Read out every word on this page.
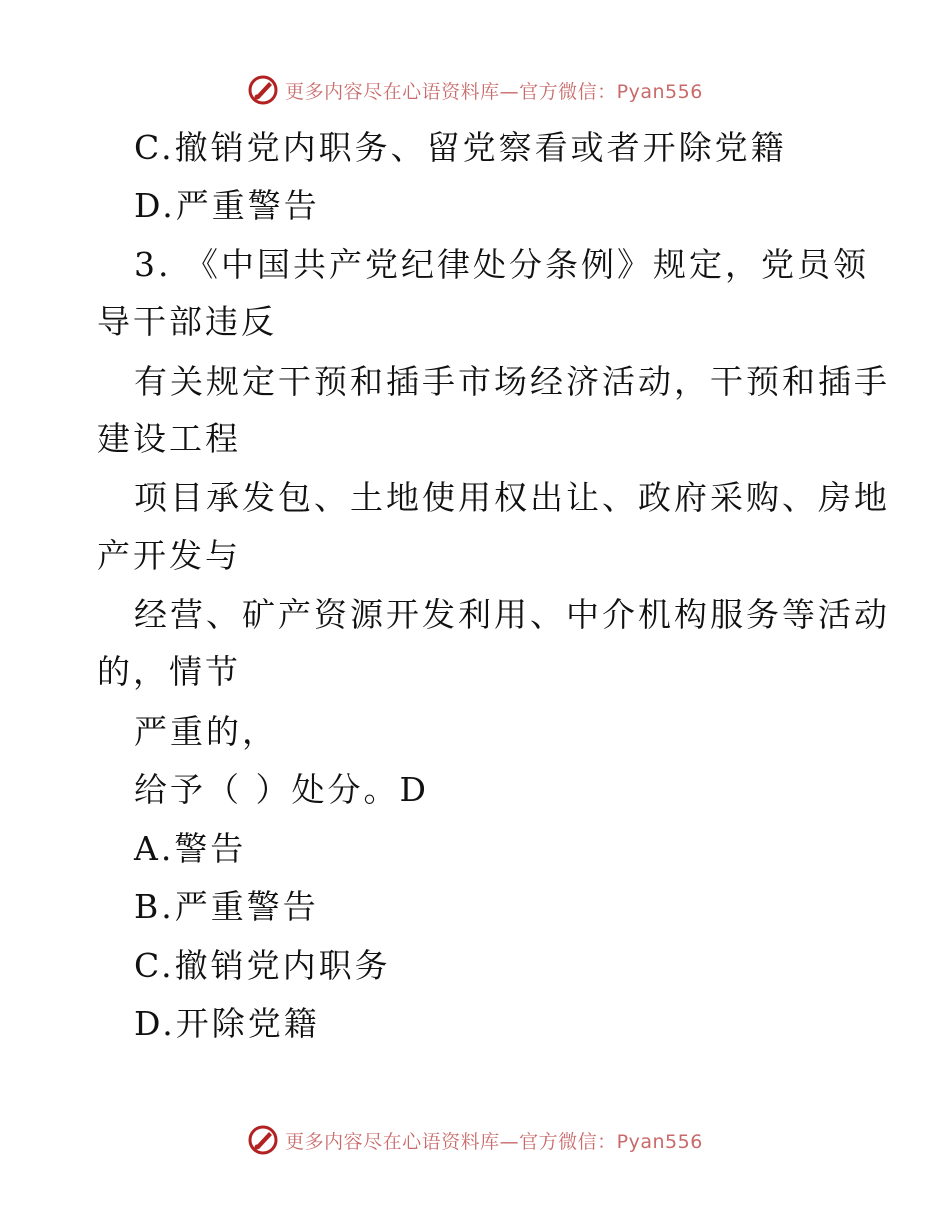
更多内容尽在心语资料库—官方微信：Pyan556
C.撤销党内职务、留党察看或者开除党籍
D.严重警告
3. 《中国共产党纪律处分条例》规定，党员领
导干部违反
有关规定干预和插手市场经济活动，干预和插手
建设工程
项目承发包、土地使用权出让、政府采购、房地
产开发与
经营、矿产资源开发利用、中介机构服务等活动
的，情节
严重的，
给予（ ）处分。D
A.警告
B.严重警告
C.撤销党内职务
D.开除党籍
更多内容尽在心语资料库—官方微信：Pyan556
